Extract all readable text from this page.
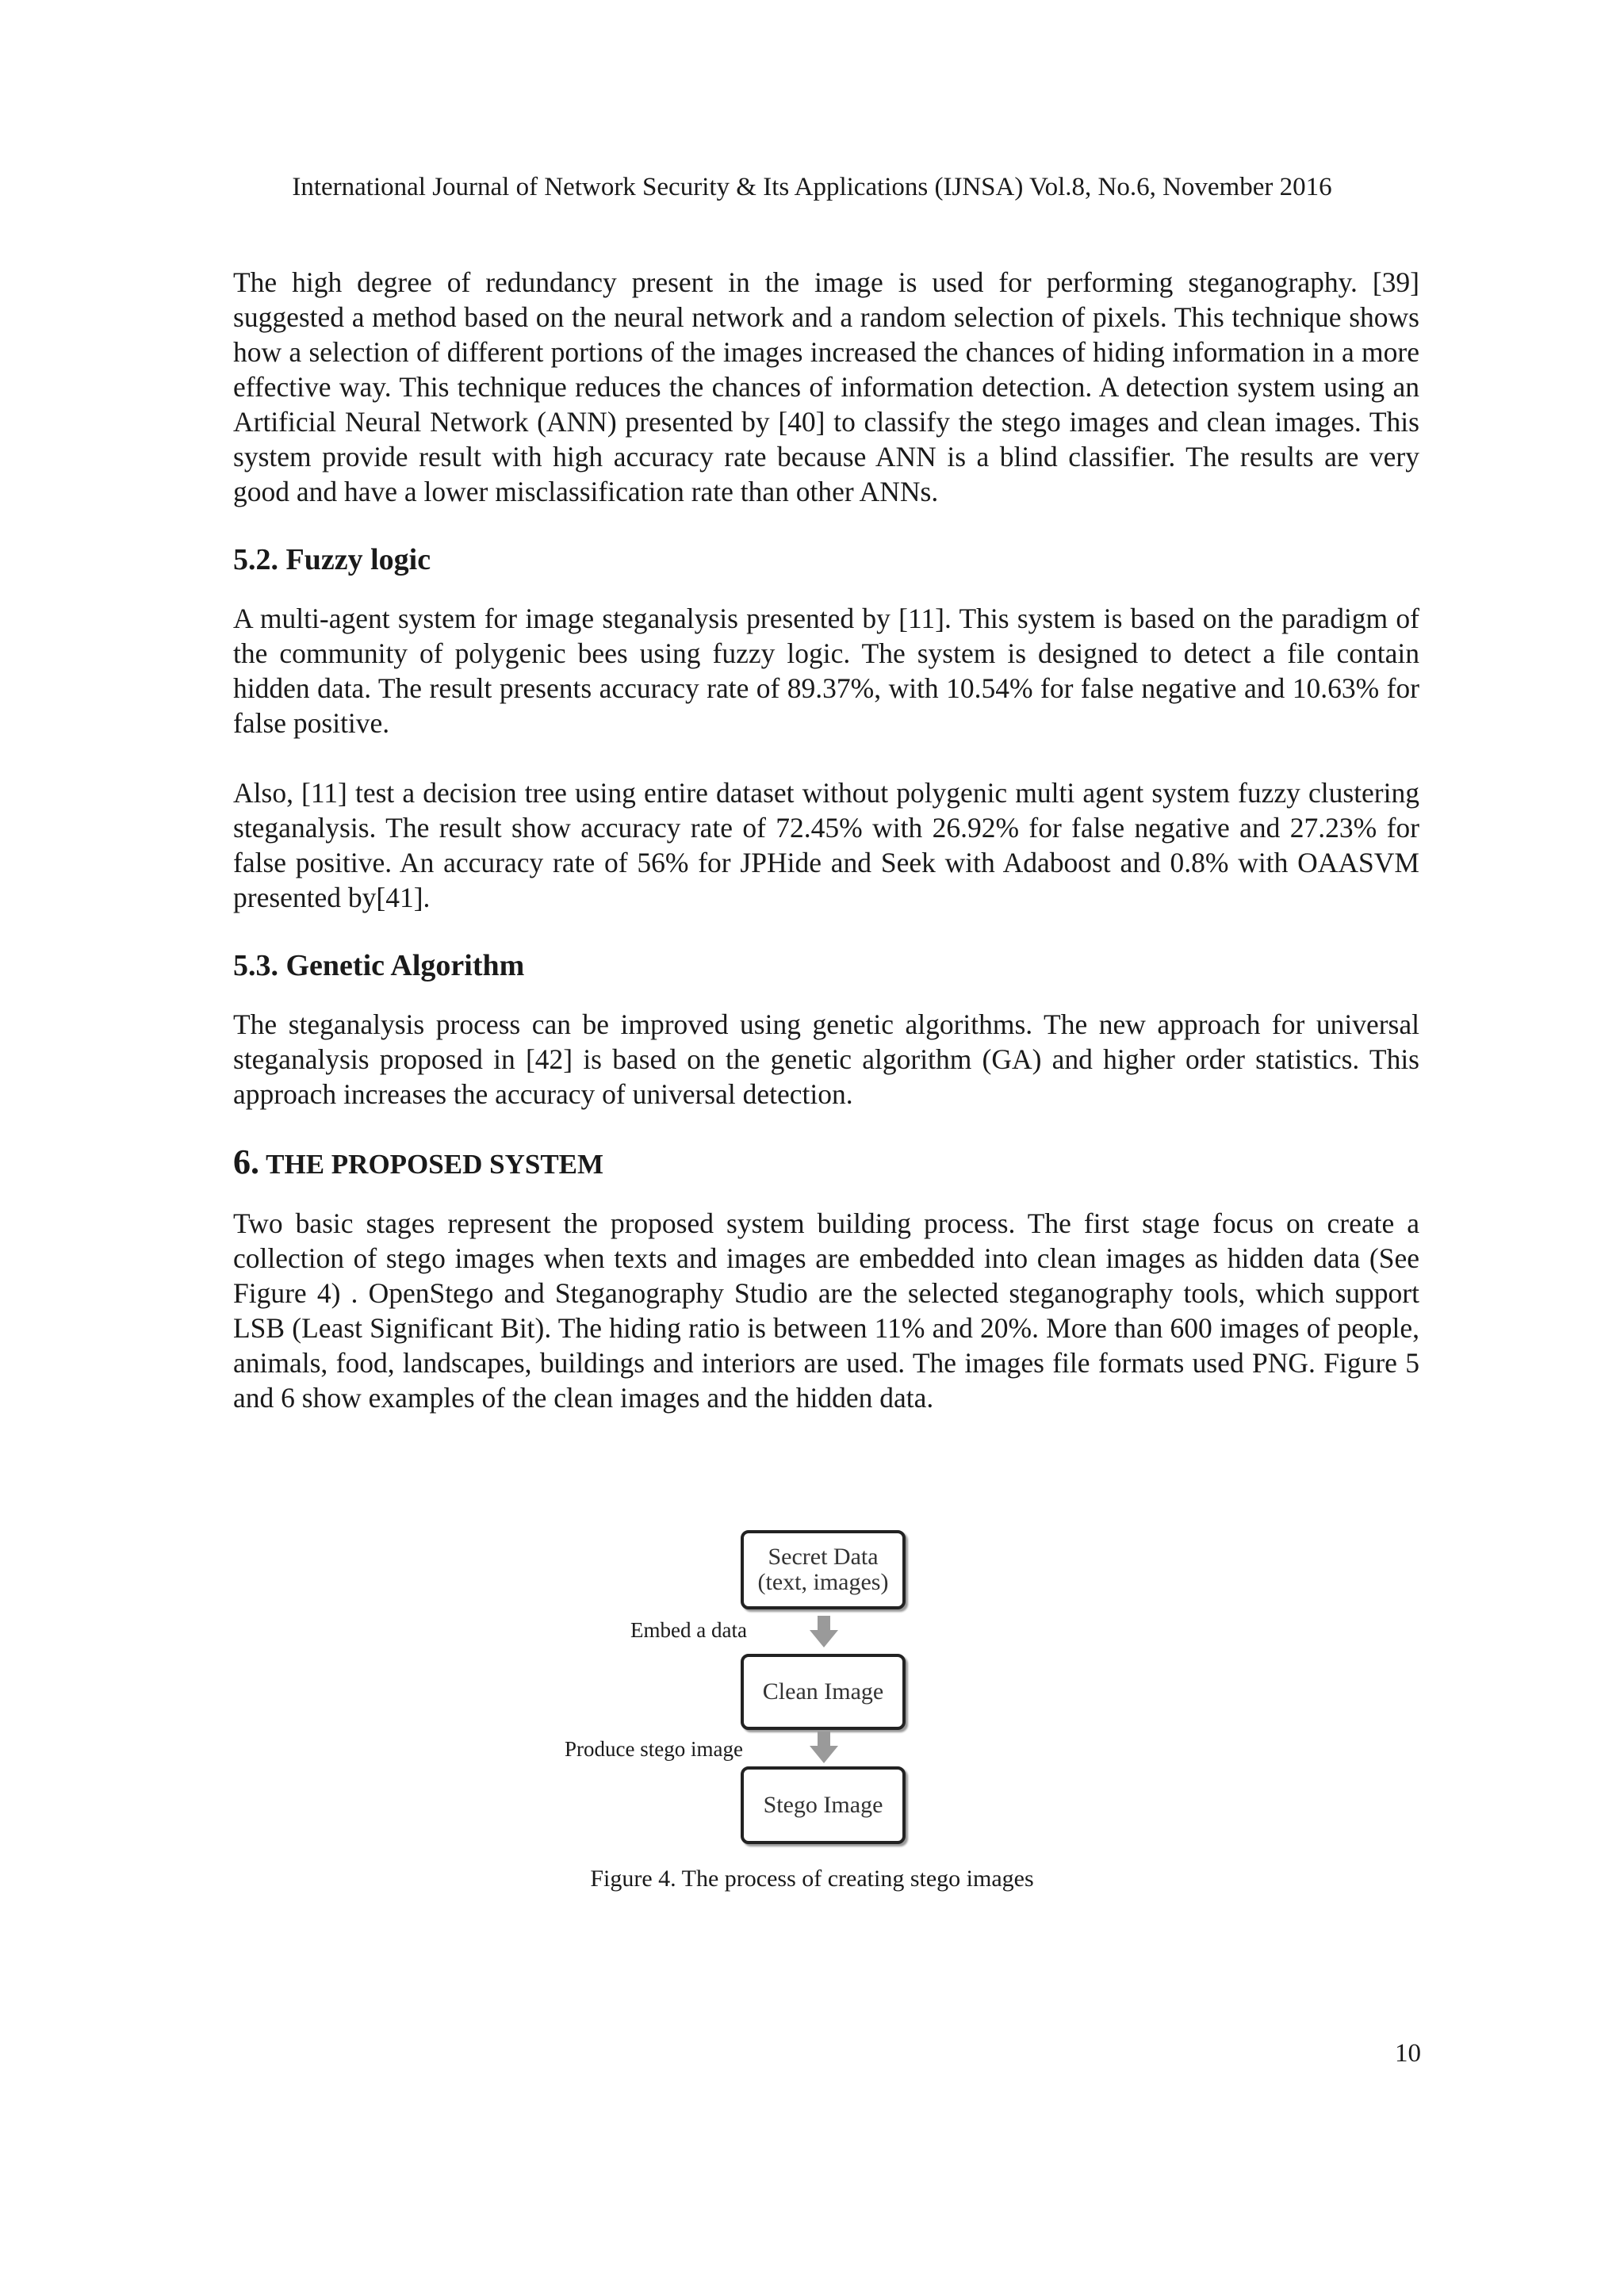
International Journal of Network Security & Its Applications (IJNSA) Vol.8, No.6, November 2016

The high degree of redundancy present in the image is used for performing steganography. [39] suggested a method based on the neural network and a random selection of pixels. This technique shows how a selection of different portions of the images increased the chances of hiding information in a more effective way. This technique reduces the chances of information detection. A detection system using an Artificial Neural Network (ANN) presented by [40] to classify the stego images and clean images. This system provide result with high accuracy rate because ANN is a blind classifier. The results are very good and have a lower misclassification rate than other ANNs.

5.2. Fuzzy logic

A multi-agent system for image steganalysis presented by [11]. This system is based on the paradigm of the community of polygenic bees using fuzzy logic. The system is designed to detect a file contain hidden data. The result presents accuracy rate of 89.37%, with 10.54% for false negative and 10.63% for false positive.

Also, [11] test a decision tree using entire dataset without polygenic multi agent system fuzzy clustering steganalysis. The result show accuracy rate of 72.45% with 26.92% for false negative and 27.23% for false positive. An accuracy rate of 56% for JPHide and Seek with Adaboost and 0.8% with OAASVM presented by[41].

5.3. Genetic Algorithm

The steganalysis process can be improved using genetic algorithms. The new approach for universal steganalysis proposed in [42] is based on the genetic algorithm (GA) and higher order statistics. This approach increases the accuracy of universal detection.

6. THE PROPOSED SYSTEM

Two basic stages represent the proposed system building process. The first stage focus on create a collection of stego images when texts and images are embedded into clean images as hidden data (See Figure 4) . OpenStego and Steganography Studio are the selected steganography tools, which support LSB (Least Significant Bit). The hiding ratio is between 11% and 20%. More than 600 images of people, animals, food, landscapes, buildings and interiors are used. The images file formats used PNG. Figure 5 and 6 show examples of the clean images and the hidden data.

Secret Data
(text, images)
Embed a data
Clean Image
Produce stego image
Stego Image
Figure 4. The process of creating stego images
10
